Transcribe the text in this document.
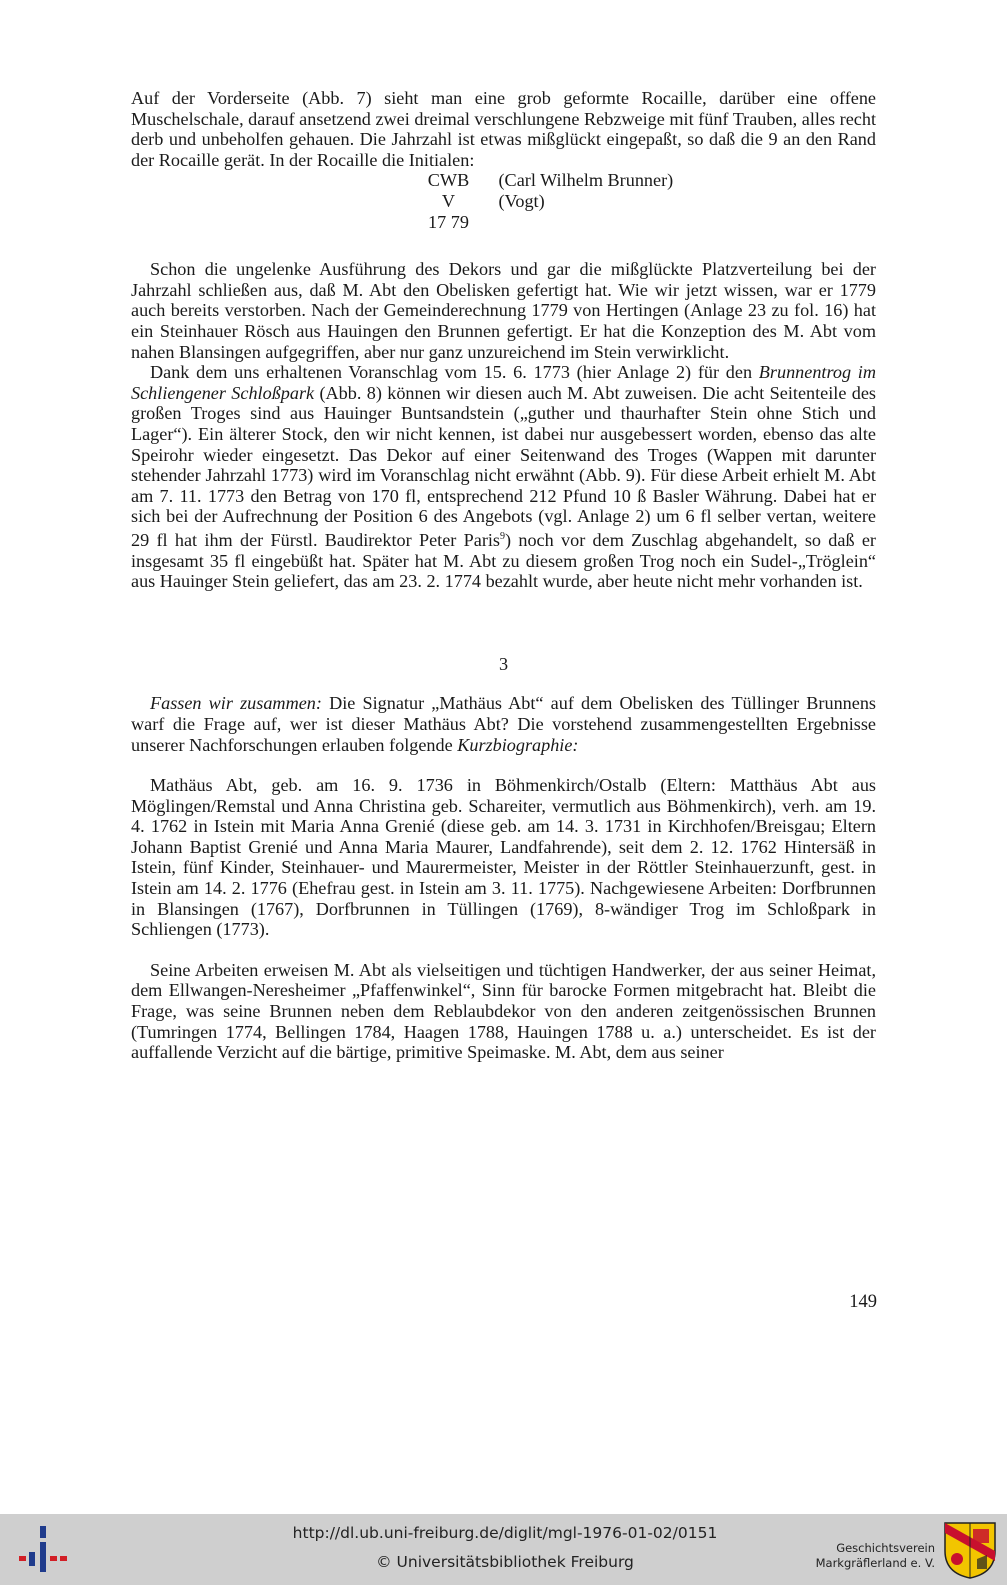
Auf der Vorderseite (Abb. 7) sieht man eine grob geformte Rocaille, darüber eine offene Muschelschale, darauf ansetzend zwei dreimal verschlungene Rebzweige mit fünf Trauben, alles recht derb und unbeholfen gehauen. Die Jahrzahl ist etwas mißglückt eingepaßt, so daß die 9 an den Rand der Rocaille gerät. In der Rocaille die Initialen:

CWB	(Carl Wilhelm Brunner)
V	(Vogt)
17 79

Schon die ungelenke Ausführung des Dekors und gar die mißglückte Platzverteilung bei der Jahrzahl schließen aus, daß M. Abt den Obelisken gefertigt hat. Wie wir jetzt wissen, war er 1779 auch bereits verstorben. Nach der Gemeinderechnung 1779 von Hertingen (Anlage 23 zu fol. 16) hat ein Steinhauer Rösch aus Hauingen den Brunnen gefertigt. Er hat die Konzeption des M. Abt vom nahen Blansingen aufgegriffen, aber nur ganz unzureichend im Stein verwirklicht.

Dank dem uns erhaltenen Voranschlag vom 15. 6. 1773 (hier Anlage 2) für den Brunnentrog im Schliengener Schloßpark (Abb. 8) können wir diesen auch M. Abt zuweisen. Die acht Seitenteile des großen Troges sind aus Hauinger Buntsandstein („guther und thaurhafter Stein ohne Stich und Lager“). Ein älterer Stock, den wir nicht kennen, ist dabei nur ausgebessert worden, ebenso das alte Speirohr wieder eingesetzt. Das Dekor auf einer Seitenwand des Troges (Wappen mit darunter stehender Jahrzahl 1773) wird im Voranschlag nicht erwähnt (Abb. 9). Für diese Arbeit erhielt M. Abt am 7. 11. 1773 den Betrag von 170 fl, entsprechend 212 Pfund 10 ß Basler Währung. Dabei hat er sich bei der Aufrechnung der Position 6 des Angebots (vgl. Anlage 2) um 6 fl selber vertan, weitere 29 fl hat ihm der Fürstl. Baudirektor Peter Paris$^9$) noch vor dem Zuschlag abgehandelt, so daß er insgesamt 35 fl eingebüßt hat. Später hat M. Abt zu diesem großen Trog noch ein Sudel-„Tröglein“ aus Hauinger Stein geliefert, das am 23. 2. 1774 bezahlt wurde, aber heute nicht mehr vorhanden ist.

3

Fassen wir zusammen: Die Signatur „Mathäus Abt“ auf dem Obelisken des Tüllinger Brunnens warf die Frage auf, wer ist dieser Mathäus Abt? Die vorstehend zusammengestellten Ergebnisse unserer Nachforschungen erlauben folgende Kurzbiographie:

Mathäus Abt, geb. am 16. 9. 1736 in Böhmenkirch/Ostalb (Eltern: Matthäus Abt aus Möglingen/Remstal und Anna Christina geb. Schareiter, vermutlich aus Böhmenkirch), verh. am 19. 4. 1762 in Istein mit Maria Anna Grenié (diese geb. am 14. 3. 1731 in Kirchhofen/Breisgau; Eltern Johann Baptist Grenié und Anna Maria Maurer, Landfahrende), seit dem 2. 12. 1762 Hintersäß in Istein, fünf Kinder, Steinhauer- und Maurermeister, Meister in der Röttler Steinhauerzunft, gest. in Istein am 14. 2. 1776 (Ehefrau gest. in Istein am 3. 11. 1775). Nachgewiesene Arbeiten: Dorfbrunnen in Blansingen (1767), Dorfbrunnen in Tüllingen (1769), 8-wändiger Trog im Schloßpark in Schliengen (1773).

Seine Arbeiten erweisen M. Abt als vielseitigen und tüchtigen Handwerker, der aus seiner Heimat, dem Ellwangen-Neresheimer „Pfaffenwinkel“, Sinn für barocke Formen mitgebracht hat. Bleibt die Frage, was seine Brunnen neben dem Reblaubdekor von den anderen zeitgenössischen Brunnen (Tumringen 1774, Bellingen 1784, Haagen 1788, Hauingen 1788 u. a.) unterscheidet. Es ist der auffallende Verzicht auf die bärtige, primitive Speimaske. M. Abt, dem aus seiner

149
http://dl.ub.uni-freiburg.de/diglit/mgl-1976-01-02/0151
© Universitätsbibliothek Freiburg
Geschichtsverein
Markgräflerland e. V.
